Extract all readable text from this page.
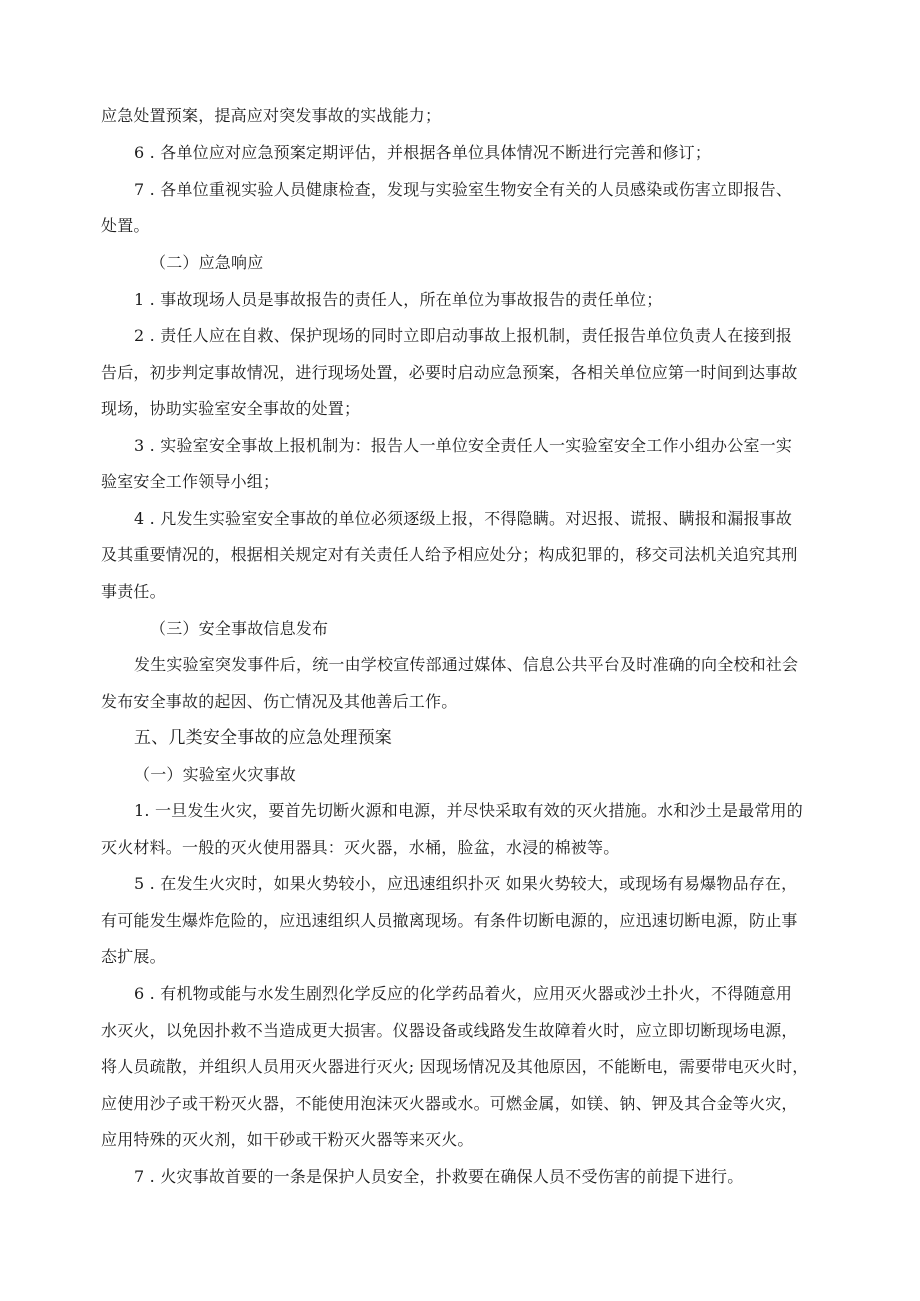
应急处置预案，提高应对突发事故的实战能力；
6 . 各单位应对应急预案定期评估，并根据各单位具体情况不断进行完善和修订；
7 . 各单位重视实验人员健康检查，发现与实验室生物安全有关的人员感染或伤害立即报告、
处置。
（二）应急响应
1 . 事故现场人员是事故报告的责任人，所在单位为事故报告的责任单位；
2 . 责任人应在自救、保护现场的同时立即启动事故上报机制，责任报告单位负责人在接到报
告后，初步判定事故情况，进行现场处置，必要时启动应急预案，各相关单位应第一时间到达事故
现场，协助实验室安全事故的处置；
3 . 实验室安全事故上报机制为：报告人一单位安全责任人一实验室安全工作小组办公室一实
验室安全工作领导小组；
4 . 凡发生实验室安全事故的单位必须逐级上报，不得隐瞒。对迟报、谎报、瞒报和漏报事故
及其重要情况的，根据相关规定对有关责任人给予相应处分；构成犯罪的，移交司法机关追究其刑
事责任。
（三）安全事故信息发布
发生实验室突发事件后，统一由学校宣传部通过媒体、信息公共平台及时准确的向全校和社会
发布安全事故的起因、伤亡情况及其他善后工作。
五、几类安全事故的应急处理预案
（一）实验室火灾事故
1. 一旦发生火灾，要首先切断火源和电源，并尽快采取有效的灭火措施。水和沙土是最常用的
灭火材料。一般的灭火使用器具：灭火器，水桶，脸盆，水浸的棉被等。
5 . 在发生火灾时，如果火势较小，应迅速组织扑灭 如果火势较大，或现场有易爆物品存在，
有可能发生爆炸危险的，应迅速组织人员撤离现场。有条件切断电源的，应迅速切断电源，防止事
态扩展。
6 . 有机物或能与水发生剧烈化学反应的化学药品着火，应用灭火器或沙土扑火，不得随意用
水灭火，以免因扑救不当造成更大损害。仪器设备或线路发生故障着火时，应立即切断现场电源，
将人员疏散，并组织人员用灭火器进行灭火; 因现场情况及其他原因，不能断电，需要带电灭火时，
应使用沙子或干粉灭火器，不能使用泡沫灭火器或水。可燃金属，如镁、钠、钾及其合金等火灾，
应用特殊的灭火剂，如干砂或干粉灭火器等来灭火。
7 . 火灾事故首要的一条是保护人员安全，扑救要在确保人员不受伤害的前提下进行。
